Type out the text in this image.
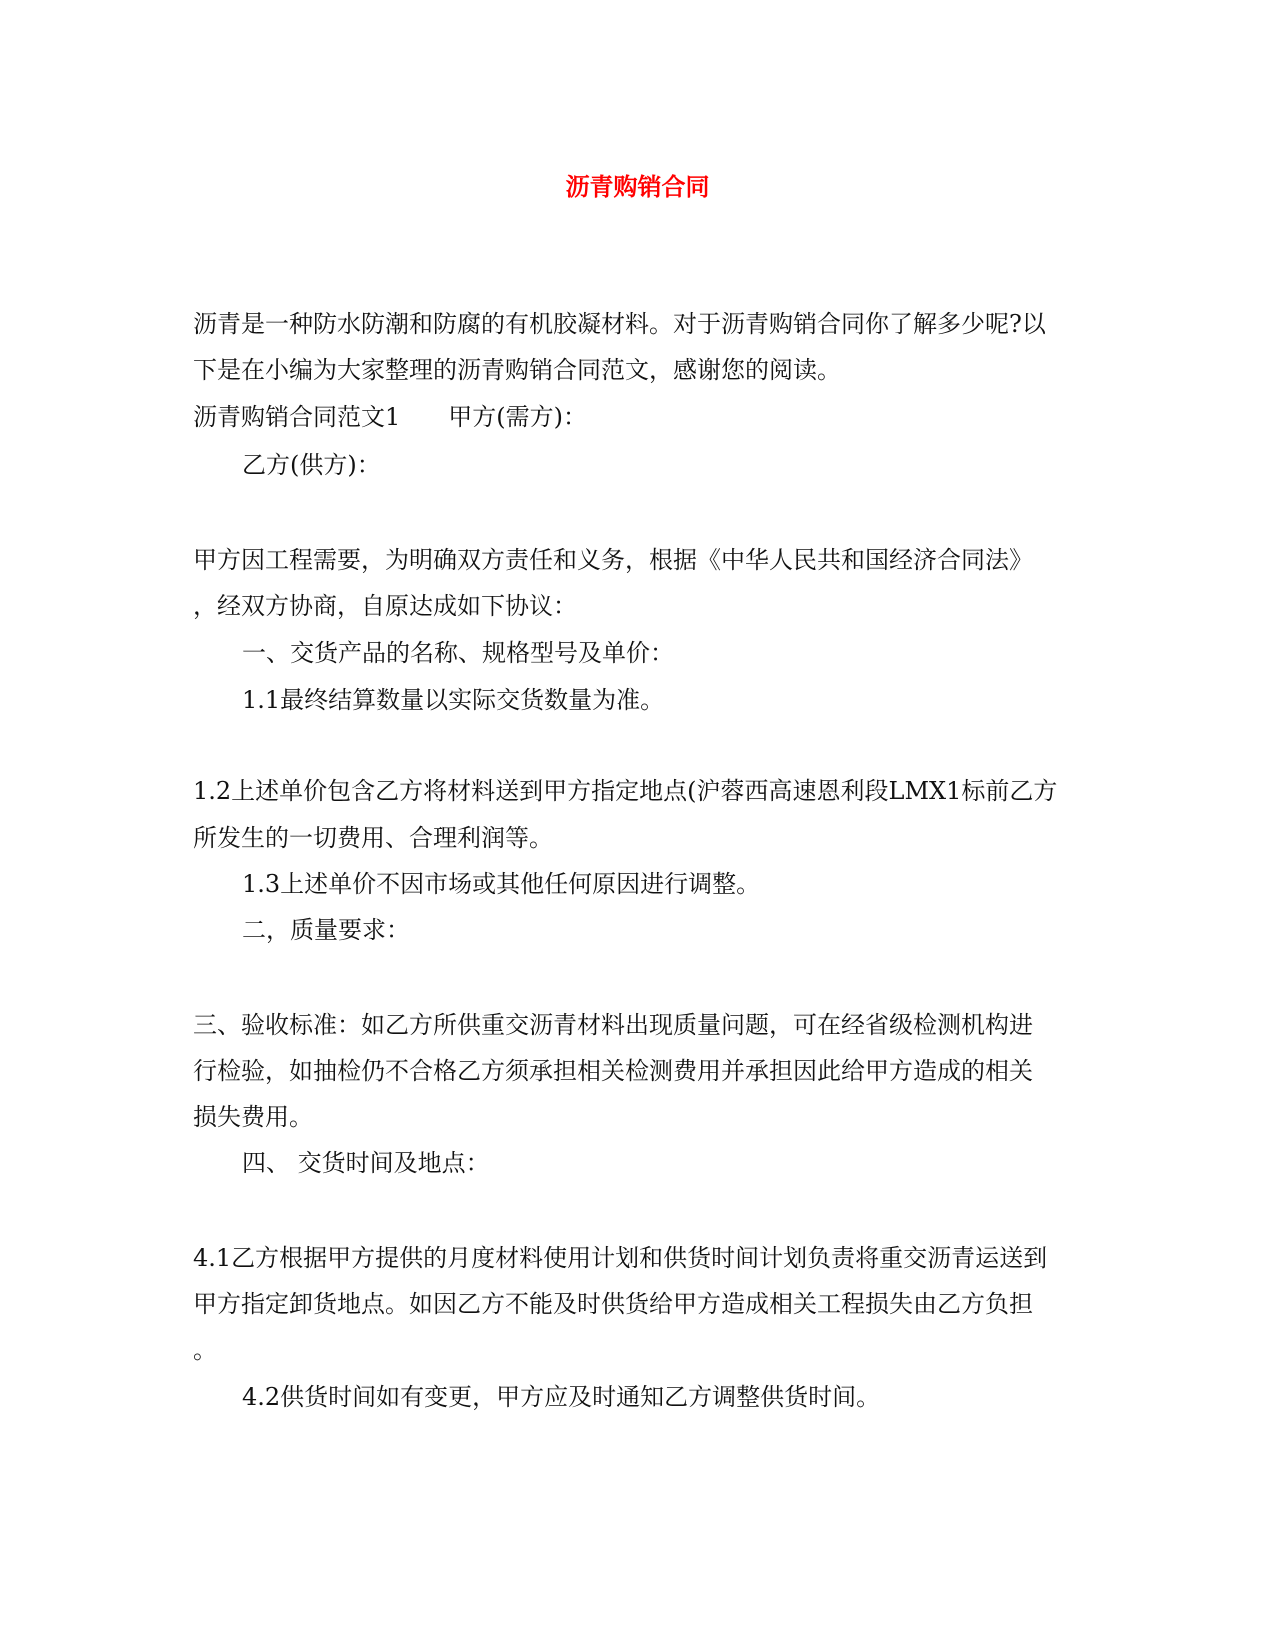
沥青购销合同
沥青是一种防水防潮和防腐的有机胶凝材料。对于沥青购销合同你了解多少呢?以
下是在小编为大家整理的沥青购销合同范文，感谢您的阅读。
沥青购销合同范文1 甲方(需方)：
乙方(供方)：
甲方因工程需要，为明确双方责任和义务，根据《中华人民共和国经济合同法》
，经双方协商，自原达成如下协议：
一、交货产品的名称、规格型号及单价：
1.1最终结算数量以实际交货数量为准。
1.2上述单价包含乙方将材料送到甲方指定地点(沪蓉西高速恩利段LMX1标前乙方
所发生的一切费用、合理利润等。
1.3上述单价不因市场或其他任何原因进行调整。
二，质量要求：
三、验收标准：如乙方所供重交沥青材料出现质量问题，可在经省级检测机构进
行检验，如抽检仍不合格乙方须承担相关检测费用并承担因此给甲方造成的相关
损失费用。
四、 交货时间及地点：
4.1乙方根据甲方提供的月度材料使用计划和供货时间计划负责将重交沥青运送到
甲方指定卸货地点。如因乙方不能及时供货给甲方造成相关工程损失由乙方负担
。
4.2供货时间如有变更，甲方应及时通知乙方调整供货时间。
